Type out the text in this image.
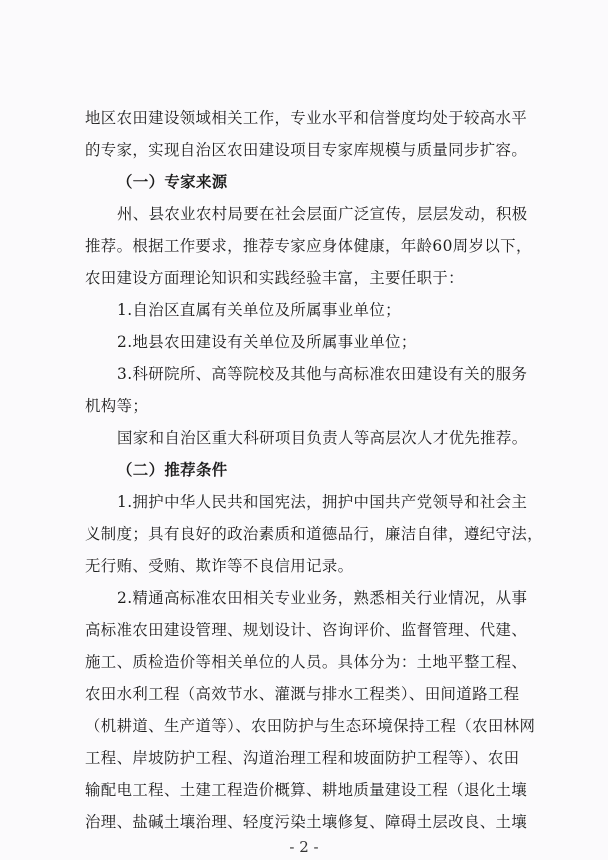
地区农田建设领域相关工作，专业水平和信誉度均处于较高水平
的专家，实现自治区农田建设项目专家库规模与质量同步扩容。
（一）专家来源
州、县农业农村局要在社会层面广泛宣传，层层发动，积极
推荐。根据工作要求，推荐专家应身体健康，年龄60周岁以下，
农田建设方面理论知识和实践经验丰富，主要任职于：
1.自治区直属有关单位及所属事业单位；
2.地县农田建设有关单位及所属事业单位；
3.科研院所、高等院校及其他与高标准农田建设有关的服务
机构等；
国家和自治区重大科研项目负责人等高层次人才优先推荐。
（二）推荐条件
1.拥护中华人民共和国宪法，拥护中国共产党领导和社会主
义制度；具有良好的政治素质和道德品行，廉洁自律，遵纪守法，
无行贿、受贿、欺诈等不良信用记录。
2.精通高标准农田相关专业业务，熟悉相关行业情况，从事
高标准农田建设管理、规划设计、咨询评价、监督管理、代建、
施工、质检造价等相关单位的人员。具体分为：土地平整工程、
农田水利工程（高效节水、灌溉与排水工程类）、田间道路工程
（机耕道、生产道等）、农田防护与生态环境保持工程（农田林网
工程、岸坡防护工程、沟道治理工程和坡面防护工程等）、农田
输配电工程、土建工程造价概算、耕地质量建设工程（退化土壤
治理、盐碱土壤治理、轻度污染土壤修复、障碍土层改良、土壤
- 2 -
